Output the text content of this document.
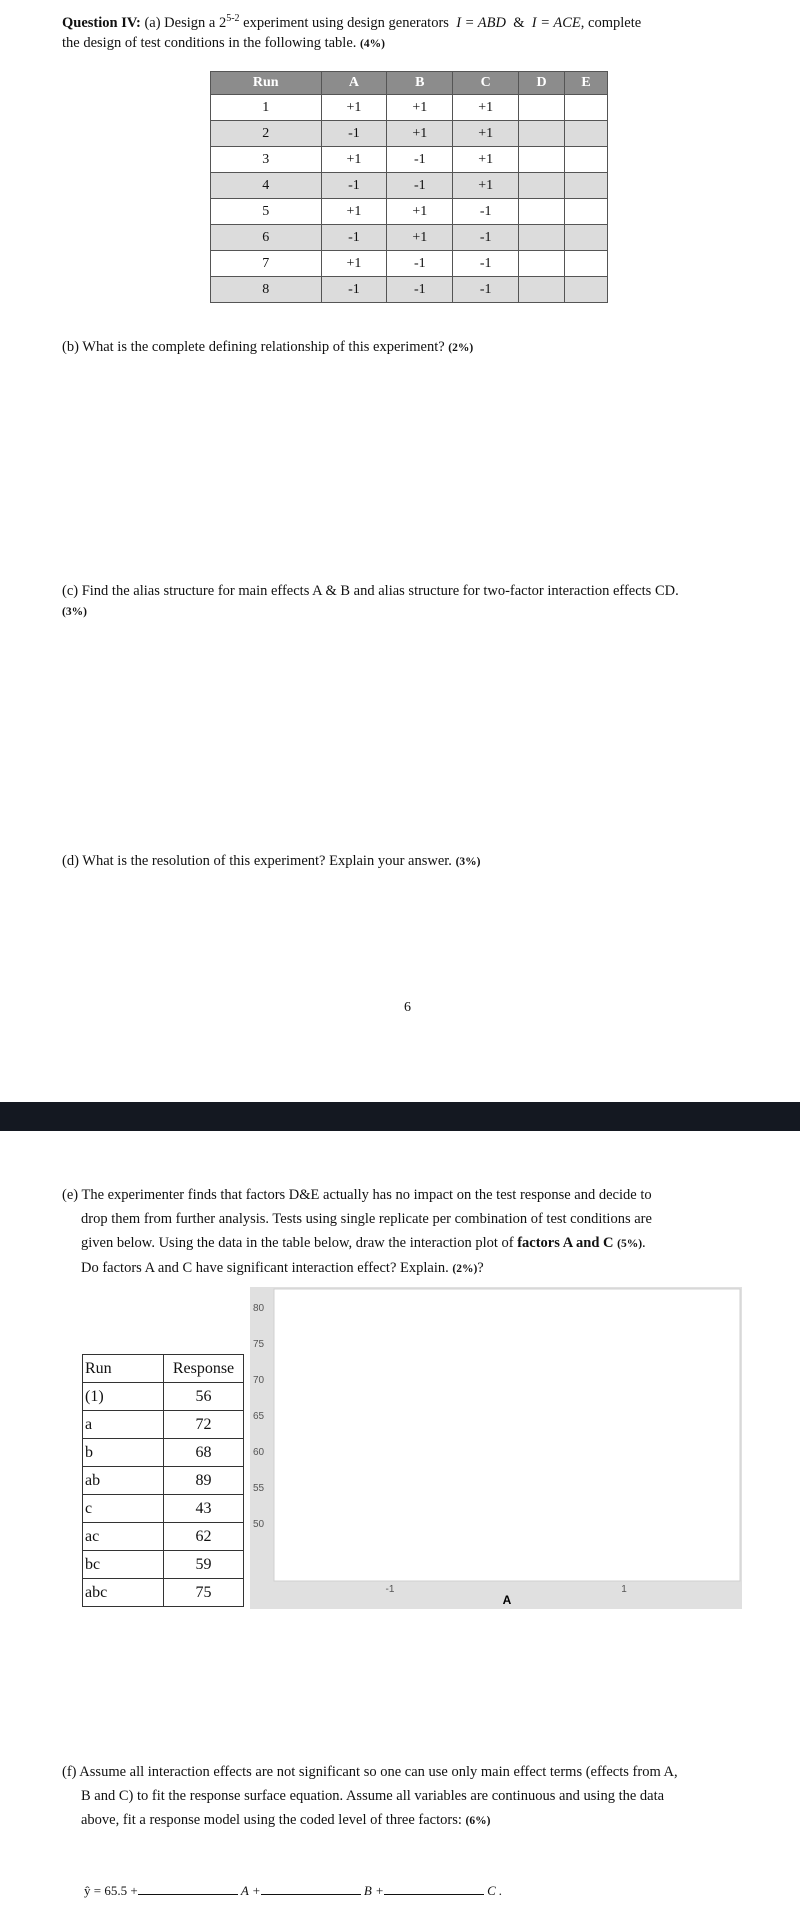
Question IV: (a) Design a 2$^{5-2}$ experiment using design generators I = ABD & I = ACE, complete
the design of test conditions in the following table. (4%)
Run	A	B	C	D	E
1	+1	+1	+1		
2	-1	+1	+1		
3	+1	-1	+1		
4	-1	-1	+1		
5	+1	+1	-1		
6	-1	+1	-1		
7	+1	-1	-1		
8	-1	-1	-1		
(b) What is the complete defining relationship of this experiment? (2%)
(c) Find the alias structure for main effects A & B and alias structure for two-factor interaction effects CD.
(3%)
(d) What is the resolution of this experiment? Explain your answer. (3%)
6
(e) The experimenter finds that factors D&E actually has no impact on the test response and decide to
drop them from further analysis. Tests using single replicate per combination of test conditions are
given below. Using the data in the table below, draw the interaction plot of factors A and C (5%).
Do factors A and C have significant interaction effect? Explain. (2%)?
Run	Response
(1)	56
a	72
b	68
ab	89
c	43
ac	62
bc	59
abc	75
80
75
70
65
60
55
50
-1	1
A
(f) Assume all interaction effects are not significant so one can use only main effect terms (effects from A,
B and C) to fit the response surface equation. Assume all variables are continuous and using the data
above, fit a response model using the coded level of three factors: (6%)
ŷ = 65.5 +	A +	B +	C .
